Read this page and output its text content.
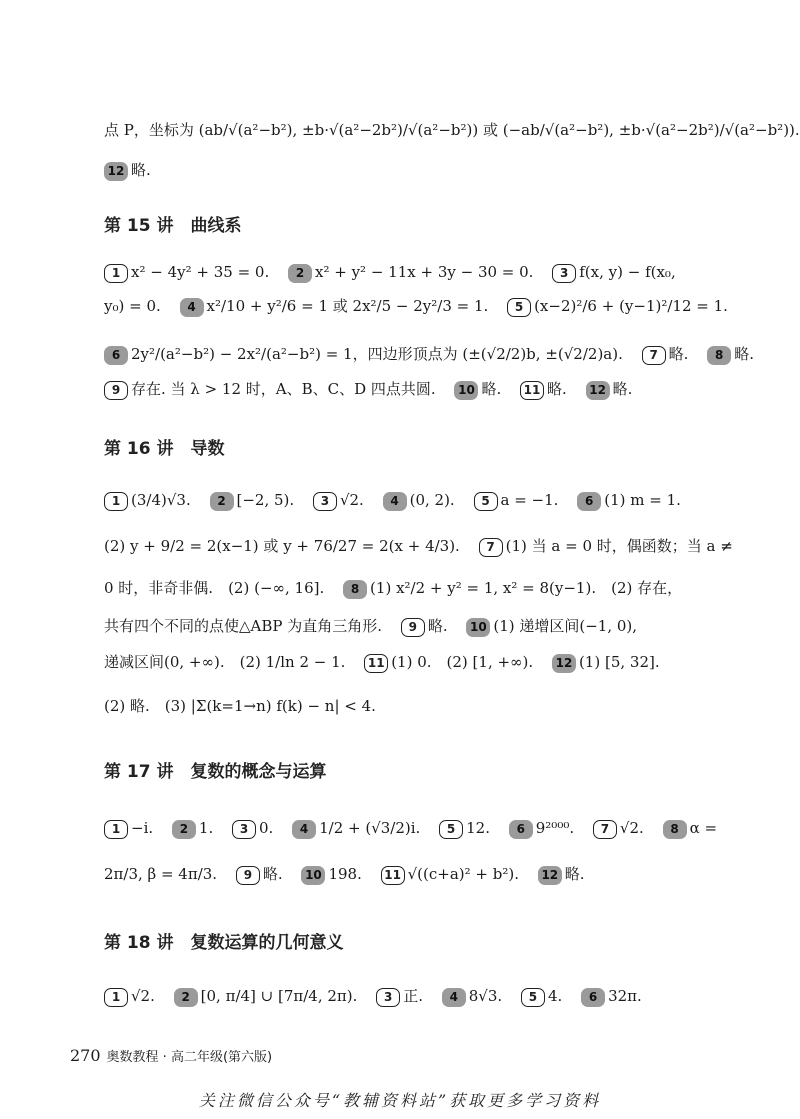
点 P，坐标为 (ab/√(a²−b²), ±b·√(a²−2b²)/√(a²−b²)) 或 (−ab/√(a²−b²), ±b·√(a²−2b²)/√(a²−b²)).
12 略.
第 15 讲　曲线系
1 x² − 4y² + 35 = 0. 2 x² + y² − 11x + 3y − 30 = 0. 3 f(x, y) − f(x₀,
y₀) = 0. 4 x²/10 + y²/6 = 1 或 2x²/5 − 2y²/3 = 1. 5 (x−2)²/6 + (y−1)²/12 = 1.
6 2y²/(a²−b²) − 2x²/(a²−b²) = 1，四边形顶点为 (±(√2/2)b, ±(√2/2)a). 7 略. 8 略.
9 存在. 当 λ > 12 时，A、B、C、D 四点共圆. 10 略. 11 略. 12 略.
第 16 讲　导数
1 (3/4)√3. 2 [−2, 5). 3 √2. 4 (0, 2). 5 a = −1. 6 (1) m = 1.
(2) y + 9/2 = 2(x−1) 或 y + 76/27 = 2(x + 4/3). 7 (1) 当 a = 0 时，偶函数；当 a ≠
0 时，非奇非偶.　(2) (−∞, 16]. 8 (1) x²/2 + y² = 1, x² = 8(y−1).　(2) 存在，
共有四个不同的点使△ABP 为直角三角形. 9 略. 10 (1) 递增区间(−1, 0),
递减区间(0, +∞).　(2) 1/ln 2 − 1. 11 (1) 0.　(2) [1, +∞). 12 (1) [5, 32].
(2) 略.　(3) |Σ(k=1→n) f(k) − n| < 4.
第 17 讲　复数的概念与运算
1 −i. 2 1. 3 0. 4 1/2 + (√3/2)i. 5 12. 6 9²⁰⁰⁰. 7 √2. 8 α =
2π/3, β = 4π/3. 9 略. 10 198. 11 √((c+a)² + b²). 12 略.
第 18 讲　复数运算的几何意义
1 √2. 2 [0, π/4] ∪ [7π/4, 2π). 3 正. 4 8√3. 5 4. 6 32π.
270 奥数教程 · 高二年级(第六版)
关注微信公众号“教辅资料站”获取更多学习资料
